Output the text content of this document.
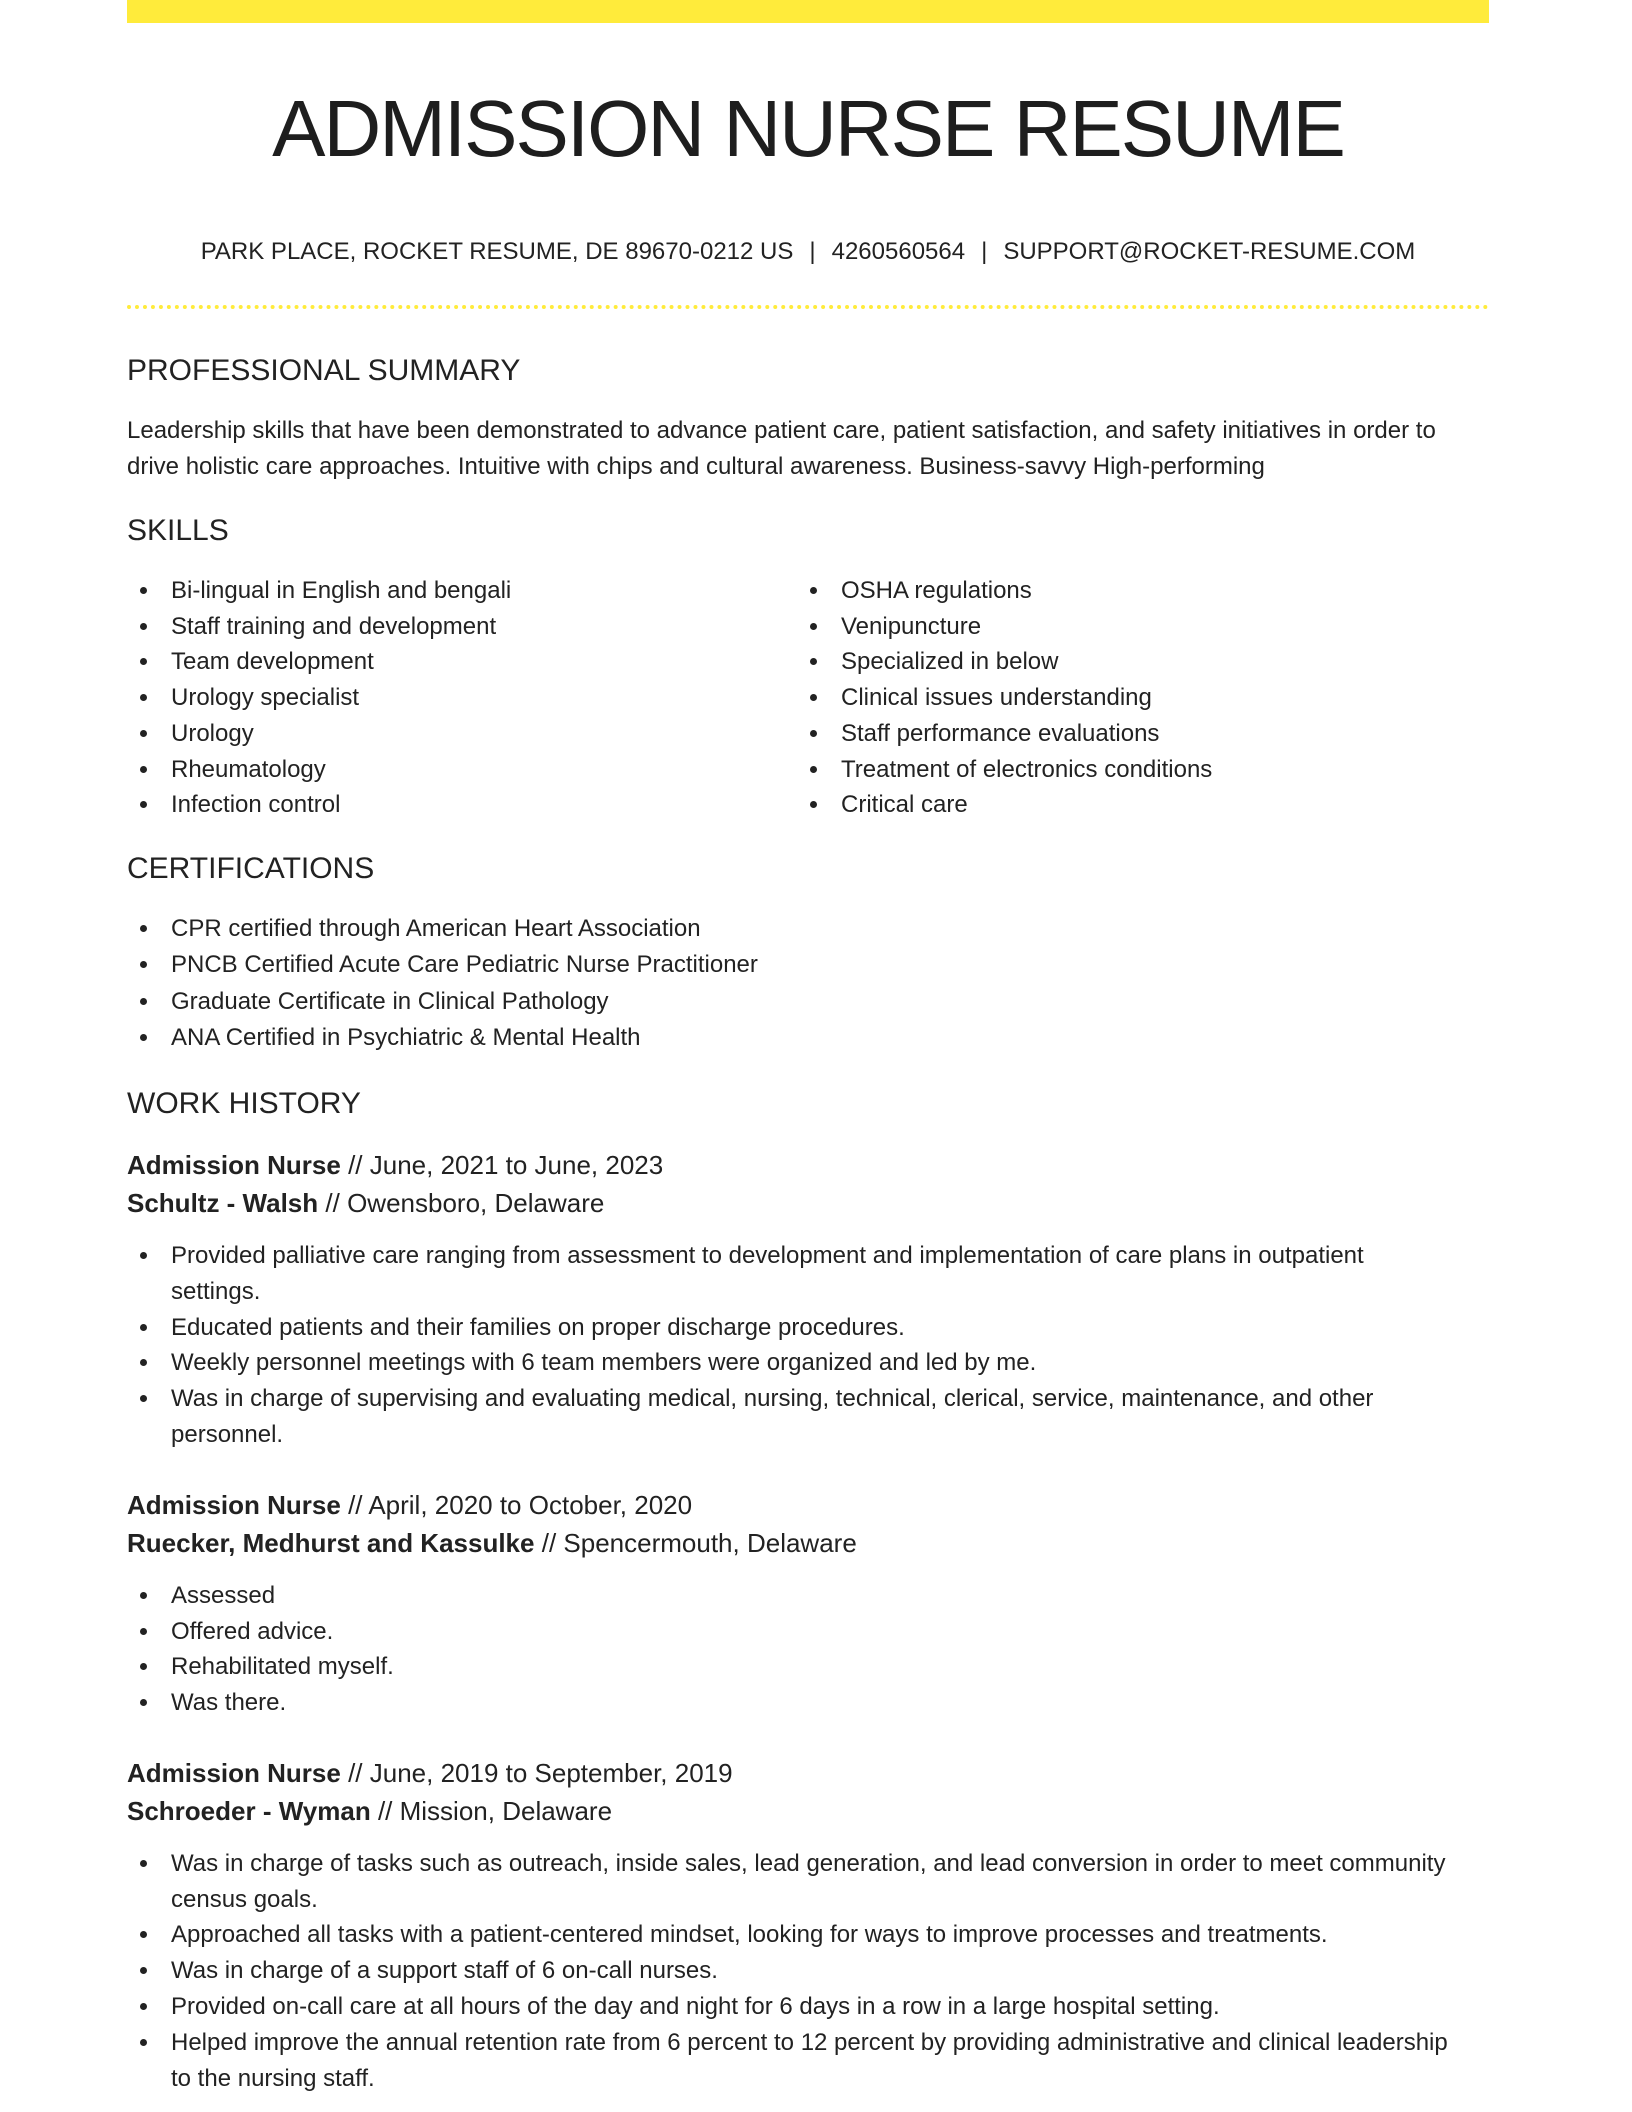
ADMISSION NURSE RESUME
PARK PLACE, ROCKET RESUME, DE 89670-0212 US | 4260560564 | SUPPORT@ROCKET-RESUME.COM
PROFESSIONAL SUMMARY

Leadership skills that have been demonstrated to advance patient care, patient satisfaction, and safety initiatives in order to drive holistic care approaches. Intuitive with chips and cultural awareness. Business-savvy High-performing

SKILLS
Bi-lingual in English and bengali
Staff training and development
Team development
Urology specialist
Urology
Rheumatology
Infection control
OSHA regulations
Venipuncture
Specialized in below
Clinical issues understanding
Staff performance evaluations
Treatment of electronics conditions
Critical care
CERTIFICATIONS
CPR certified through American Heart Association
PNCB Certified Acute Care Pediatric Nurse Practitioner
Graduate Certificate in Clinical Pathology
ANA Certified in Psychiatric & Mental Health
WORK HISTORY
Admission Nurse // June, 2021 to June, 2023
Schultz - Walsh // Owensboro, Delaware
Provided palliative care ranging from assessment to development and implementation of care plans in outpatient settings.
Educated patients and their families on proper discharge procedures.
Weekly personnel meetings with 6 team members were organized and led by me.
Was in charge of supervising and evaluating medical, nursing, technical, clerical, service, maintenance, and other personnel.
Admission Nurse // April, 2020 to October, 2020
Ruecker, Medhurst and Kassulke // Spencermouth, Delaware
Assessed
Offered advice.
Rehabilitated myself.
Was there.
Admission Nurse // June, 2019 to September, 2019
Schroeder - Wyman // Mission, Delaware
Was in charge of tasks such as outreach, inside sales, lead generation, and lead conversion in order to meet community census goals.
Approached all tasks with a patient-centered mindset, looking for ways to improve processes and treatments.
Was in charge of a support staff of 6 on-call nurses.
Provided on-call care at all hours of the day and night for 6 days in a row in a large hospital setting.
Helped improve the annual retention rate from 6 percent to 12 percent by providing administrative and clinical leadership to the nursing staff.
